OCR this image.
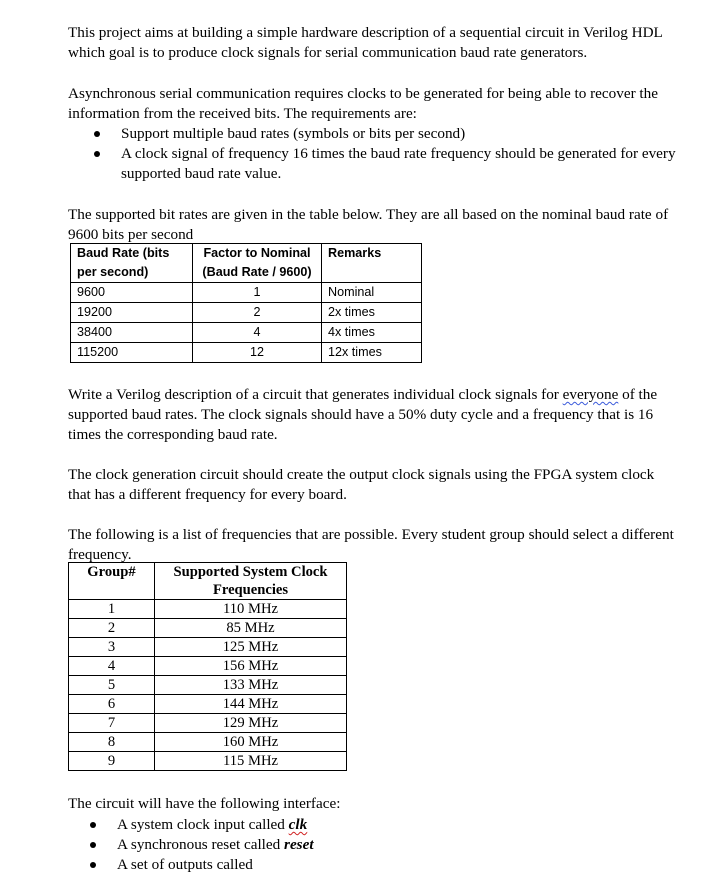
This project aims at building a simple hardware description of a sequential circuit in Verilog HDL which goal is to produce clock signals for serial communication baud rate generators.

Asynchronous serial communication requires clocks to be generated for being able to recover the information from the received bits. The requirements are:

Support multiple baud rates (symbols or bits per second)
A clock signal of frequency 16 times the baud rate frequency should be generated for every supported baud rate value.

The supported bit rates are given in the table below. They are all based on the nominal baud rate of 9600 bits per second

Baud Rate (bits per second)	Factor to Nominal (Baud Rate / 9600)	Remarks
9600	1	Nominal
19200	2	2x times
38400	4	4x times
115200	12	12x times

Write a Verilog description of a circuit that generates individual clock signals for everyone of the supported baud rates. The clock signals should have a 50% duty cycle and a frequency that is 16 times the corresponding baud rate.

The clock generation circuit should create the output clock signals using the FPGA system clock that has a different frequency for every board.

The following is a list of frequencies that are possible. Every student group should select a different frequency.

Group#	Supported System Clock Frequencies
1	110 MHz
2	85 MHz
3	125 MHz
4	156 MHz
5	133 MHz
6	144 MHz
7	129 MHz
8	160 MHz
9	115 MHz

The circuit will have the following interface:

A system clock input called clk
A synchronous reset called reset
A set of outputs called
